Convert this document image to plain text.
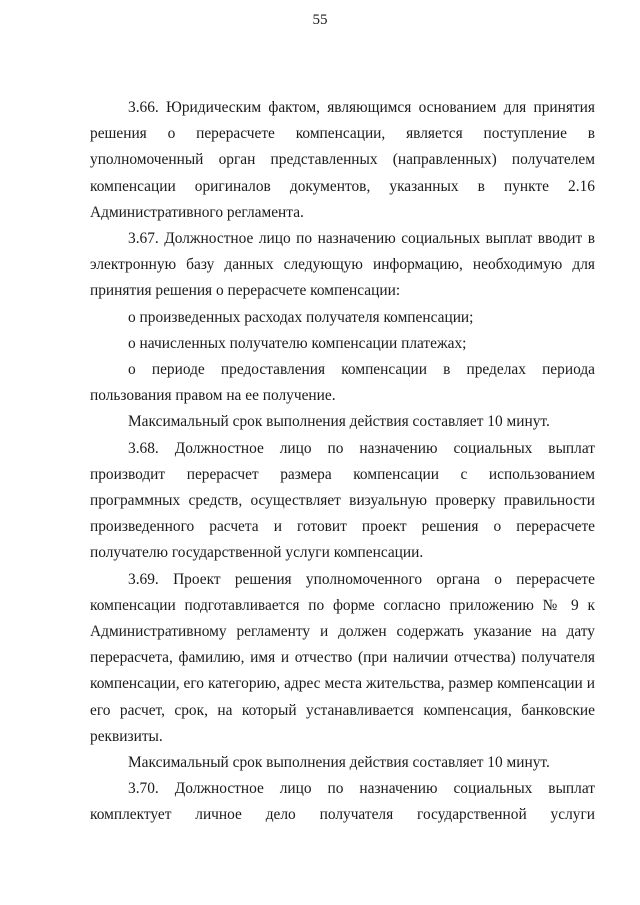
55

3.66. Юридическим фактом, являющимся основанием для принятия решения о перерасчете компенсации, является поступление в уполномоченный орган представленных (направленных) получателем компенсации оригиналов документов, указанных в пункте 2.16 Административного регламента.

3.67. Должностное лицо по назначению социальных выплат вводит в электронную базу данных следующую информацию, необходимую для принятия решения о перерасчете компенсации:

о произведенных расходах получателя компенсации;

о начисленных получателю компенсации платежах;

о периоде предоставления компенсации в пределах периода пользования правом на ее получение.

Максимальный срок выполнения действия составляет 10 минут.

3.68. Должностное лицо по назначению социальных выплат производит перерасчет размера компенсации с использованием программных средств, осуществляет визуальную проверку правильности произведенного расчета и готовит проект решения о перерасчете получателю государственной услуги компенсации.

3.69. Проект решения уполномоченного органа о перерасчете компенсации подготавливается по форме согласно приложению № 9 к Административному регламенту и должен содержать указание на дату перерасчета, фамилию, имя и отчество (при наличии отчества) получателя компенсации, его категорию, адрес места жительства, размер компенсации и его расчет, срок, на который устанавливается компенсация, банковские реквизиты.

Максимальный срок выполнения действия составляет 10 минут.

3.70. Должностное лицо по назначению социальных выплат комплектует личное дело получателя государственной услуги
